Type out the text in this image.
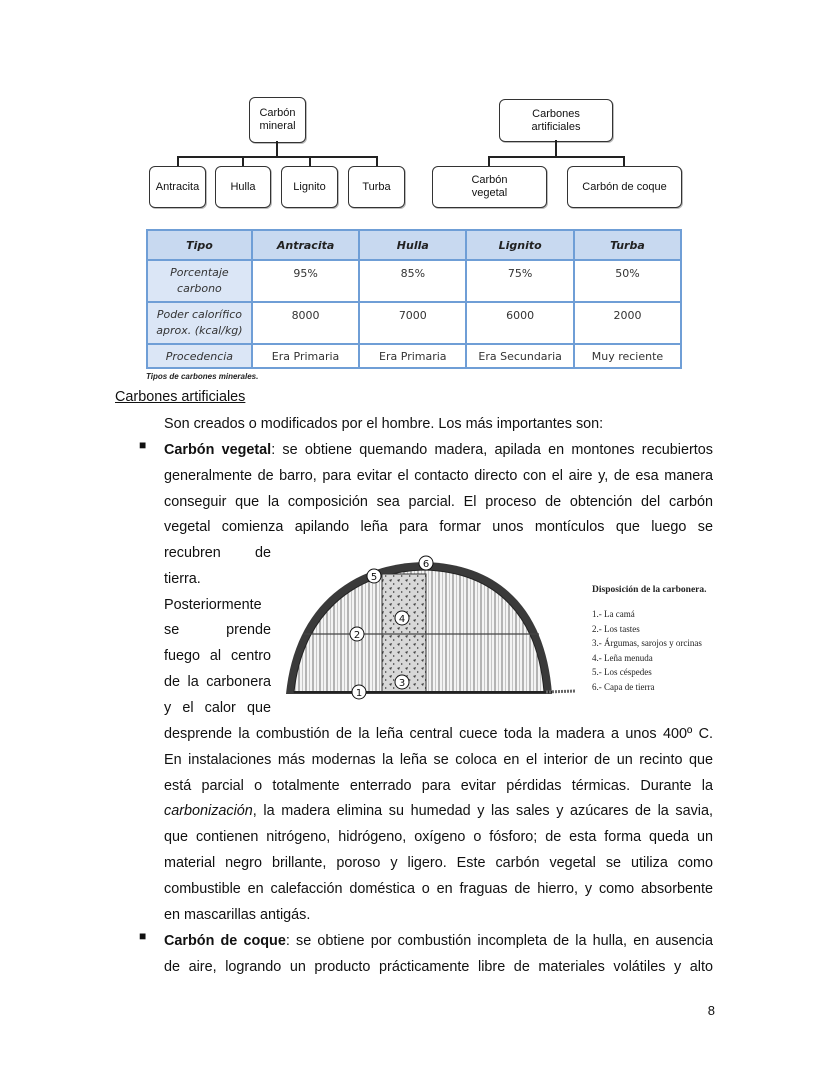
Carbón
mineral
Antracita	Hulla	Lignito	Turba
Carbones
artificiales
Carbón
vegetal
Carbón de coque
Tipo	Antracita	Hulla	Lignito	Turba
Porcentaje
carbono	95%	85%	75%	50%
Poder calorífico
aprox. (kcal/kg)	8000	7000	6000	2000
Procedencia	Era Primaria	Era Primaria	Era Secundaria	Muy reciente
Tipos de carbones minerales.
Carbones artificiales
Son creados o modificados por el hombre. Los más importantes son:
■ Carbón vegetal: se obtiene quemando madera, apilada en montones recubiertos
generalmente de barro, para evitar el contacto directo con el aire y, de esa manera
conseguir que la composición sea parcial. El proceso de obtención del carbón
vegetal comienza apilando leña para formar unos montículos que luego se
recubren de
tierra.
Posteriormente
se prende
fuego al centro
de la carbonera
y el calor que
1
2
3
4
5
6
Disposición de la carbonera.
1.- La camá
2.- Los tastes
3.- Árgumas, sarojos y orcinas
4.- Leña menuda
5.- Los céspedes
6.- Capa de tierra
desprende la combustión de la leña central cuece toda la madera a unos 400º C.
En instalaciones más modernas la leña se coloca en el interior de un recinto que
está parcial o totalmente enterrado para evitar pérdidas térmicas. Durante la
carbonización, la madera elimina su humedad y las sales y azúcares de la savia,
que contienen nitrógeno, hidrógeno, oxígeno o fósforo; de esta forma queda un
material negro brillante, poroso y ligero. Este carbón vegetal se utiliza como
combustible en calefacción doméstica o en fraguas de hierro, y como absorbente
en mascarillas antigás.
■ Carbón de coque: se obtiene por combustión incompleta de la hulla, en ausencia
de aire, logrando un producto prácticamente libre de materiales volátiles y alto
8
